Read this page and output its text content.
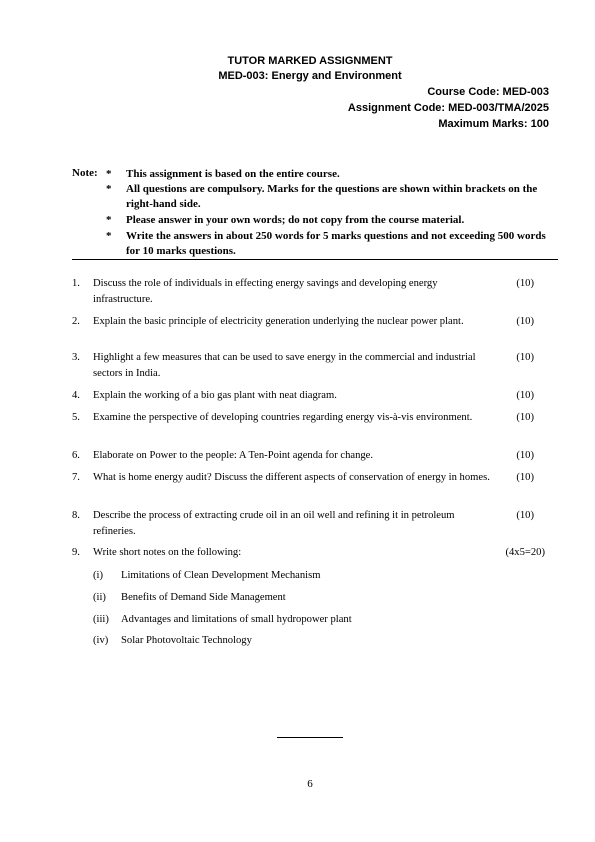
TUTOR MARKED ASSIGNMENT
MED-003: Energy and Environment
Course Code: MED-003
Assignment Code: MED-003/TMA/2025
Maximum Marks: 100
Note: *	This assignment is based on the entire course.
*	All questions are compulsory. Marks for the questions are shown within brackets on the right-hand side.
*	Please answer in your own words; do not copy from the course material.
*	Write the answers in about 250 words for 5 marks questions and not exceeding 500 words for 10 marks questions.
1. Discuss the role of individuals in effecting energy savings and developing energy infrastructure.
(10)
2. Explain the basic principle of electricity generation underlying the nuclear power plant.	(10)
3. Highlight a few measures that can be used to save energy in the commercial and industrial sectors in India.
(10)
4. Explain the working of a bio gas plant with neat diagram.	(10)
5. Examine the perspective of developing countries regarding energy vis-à-vis environment.	(10)
6. Elaborate on Power to the people: A Ten-Point agenda for change.	(10)
7. What is home energy audit? Discuss the different aspects of conservation of energy in homes. (10)
8. Describe the process of extracting crude oil in an oil well and refining it in petroleum refineries.
(10)
9. Write short notes on the following:	(4x5=20)
(i) Limitations of Clean Development Mechanism
(ii) Benefits of Demand Side Management
(iii) Advantages and limitations of small hydropower plant
(iv) Solar Photovoltaic Technology
6
